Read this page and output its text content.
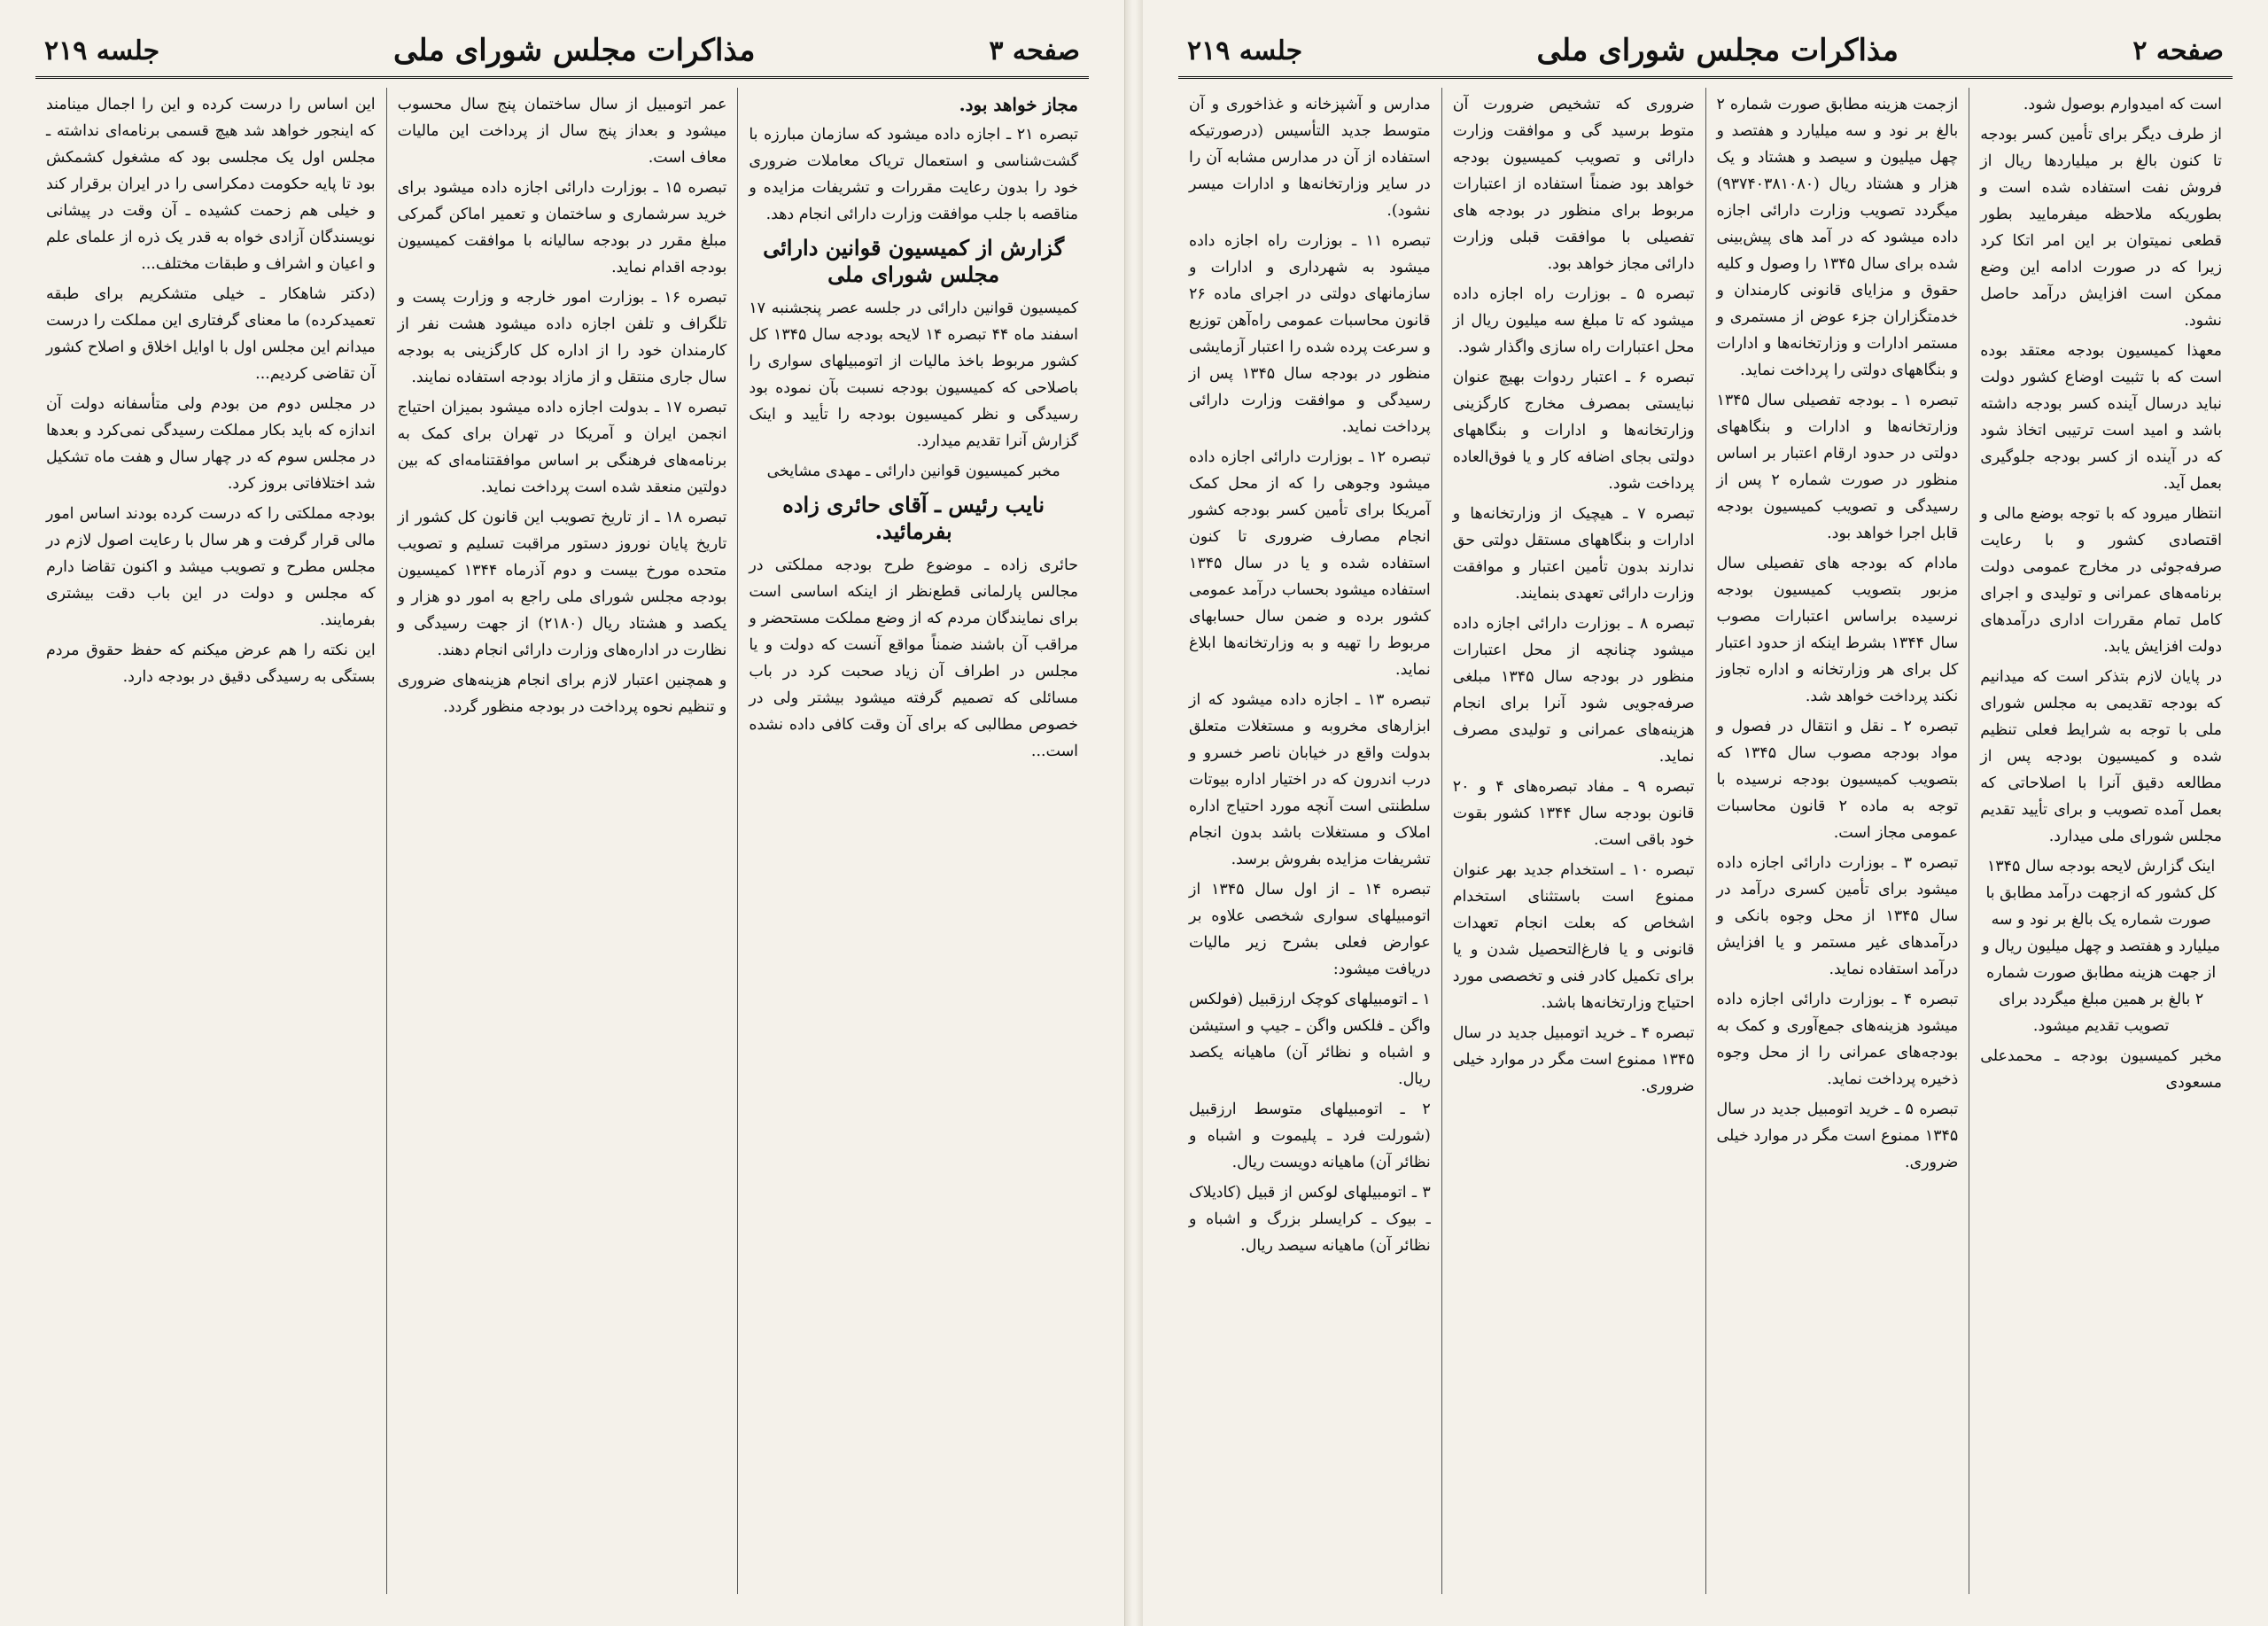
صفحه ۳
مذاکرات مجلس شورای ملی
جلسه ۲۱۹

مجاز خواهد بود.

تبصره ۲۱ ـ اجازه داده میشود که سازمان مبارزه با گشت‌شناسی و استعمال تریاک معاملات ضروری خود را بدون رعایت مقررات و تشریفات مزایده و مناقصه با جلب موافقت وزارت دارائی انجام دهد.

گزارش از کمیسیون قوانین دارائی مجلس شورای ملی

کمیسیون قوانین دارائی در جلسه عصر پنجشنبه ۱۷ اسفند ماه ۴۴ تبصره ۱۴ لایحه بودجه سال ۱۳۴۵ کل کشور مربوط باخذ مالیات از اتومبیلهای سواری را باصلاحی که کمیسیون بودجه نسبت بآن نموده بود رسیدگی و نظر کمیسیون بودجه را تأیید و اینک گزارش آنرا تقدیم میدارد.

مخبر کمیسیون قوانین دارائی ـ مهدی مشایخی

نایب رئیس ـ آقای حائری زاده بفرمائید.

حائری زاده ـ موضوع طرح بودجه مملکتی در مجالس پارلمانی قطع‌نظر از اینکه اساسی است برای نمایندگان مردم که از وضع مملکت مستحضر و مراقب آن باشند ضمناً مواقع آنست که دولت و یا مجلس در اطراف آن زیاد صحبت کرد در باب مسائلی که تصمیم گرفته میشود بیشتر ولی در خصوص مطالبی که برای آن وقت کافی داده نشده است...

عمر اتومبیل از سال ساختمان پنج سال محسوب میشود و بعداز پنج سال از پرداخت این مالیات معاف است.

تبصره ۱۵ ـ بوزارت دارائی اجازه داده میشود برای خرید سرشماری و ساختمان و تعمیر اماکن گمرکی مبلغ مقرر در بودجه سالیانه با موافقت کمیسیون بودجه اقدام نماید.

تبصره ۱۶ ـ بوزارت امور خارجه و وزارت پست و تلگراف و تلفن اجازه داده میشود هشت نفر از کارمندان خود را از اداره کل کارگزینی به بودجه سال جاری منتقل و از مازاد بودجه استفاده نمایند.

تبصره ۱۷ ـ بدولت اجازه داده میشود بمیزان احتیاج انجمن ایران و آمریکا در تهران برای کمک به برنامه‌های فرهنگی بر اساس موافقتنامه‌ای که بین دولتین منعقد شده است پرداخت نماید.

تبصره ۱۸ ـ از تاریخ تصویب این قانون کل کشور از تاریخ پایان نوروز دستور مراقبت تسلیم و تصویب متحده مورخ بیست و دوم آذرماه ۱۳۴۴ کمیسیون بودجه مجلس شورای ملی راجع به امور دو هزار و یکصد و هشتاد ریال (۲۱۸۰) از جهت رسیدگی و نظارت در اداره‌های وزارت دارائی انجام دهند.

و همچنین اعتبار لازم برای انجام هزینه‌های ضروری و تنظیم نحوه پرداخت در بودجه منظور گردد.

این اساس را درست کرده و این را اجمال مینامند که اینجور خواهد شد هیچ قسمی برنامه‌ای نداشته ـ مجلس اول یک مجلسی بود که مشغول کشمکش بود تا پایه حکومت دمکراسی را در ایران برقرار کند و خیلی هم زحمت کشیده ـ آن وقت در پیشانی نویسندگان آزادی خواه به قدر یک ذره از علمای علم و اعیان و اشراف و طبقات مختلف...

(دکتر شاهکار ـ خیلی متشکریم برای طبقه تعمیدکرده) ما معنای گرفتاری این مملکت را درست میدانم این مجلس اول با اوایل اخلاق و اصلاح کشور آن تقاضی کردیم...

در مجلس دوم من بودم ولی متأسفانه دولت آن اندازه که باید بکار مملکت رسیدگی نمی‌کرد و بعدها در مجلس سوم که در چهار سال و هفت ماه تشکیل شد اختلافاتی بروز کرد.

بودجه مملکتی را که درست کرده بودند اساس امور مالی قرار گرفت و هر سال با رعایت اصول لازم در مجلس مطرح و تصویب میشد و اکنون تقاضا دارم که مجلس و دولت در این باب دقت بیشتری بفرمایند.

این نکته را هم عرض میکنم که حفظ حقوق مردم بستگی به رسیدگی دقیق در بودجه دارد.

صفحه ۲
مذاکرات مجلس شورای ملی
جلسه ۲۱۹

است که امیدوارم بوصول شود.

از طرف دیگر برای تأمین کسر بودجه تا کنون بالغ بر میلیاردها ریال از فروش نفت استفاده شده است و بطوریکه ملاحظه میفرمایید بطور قطعی نمیتوان بر این امر اتکا کرد زیرا که در صورت ادامه این وضع ممکن است افزایش درآمد حاصل نشود.

معهذا کمیسیون بودجه معتقد بوده است که با تثبیت اوضاع کشور دولت نباید درسال آینده کسر بودجه داشته باشد و امید است ترتیبی اتخاذ شود که در آینده از کسر بودجه جلوگیری بعمل آید.

انتظار میرود که با توجه بوضع مالی و اقتصادی کشور و با رعایت صرفه‌جوئی در مخارج عمومی دولت برنامه‌های عمرانی و تولیدی و اجرای کامل تمام مقررات اداری درآمدهای دولت افزایش یابد.

در پایان لازم بتذکر است که میدانیم که بودجه تقدیمی به مجلس شورای ملی با توجه به شرایط فعلی تنظیم شده و کمیسیون بودجه پس از مطالعه دقیق آنرا با اصلاحاتی که بعمل آمده تصویب و برای تأیید تقدیم مجلس شورای ملی میدارد.

اینک گزارش لایحه بودجه سال ۱۳۴۵ کل کشور که ازجهت درآمد مطابق با صورت شماره یک بالغ بر نود و سه میلیارد و هفتصد و چهل میلیون ریال و از جهت هزینه مطابق صورت شماره ۲ بالغ بر همین مبلغ میگردد برای تصویب تقدیم میشود.

مخبر کمیسیون بودجه ـ محمدعلی مسعودی

ازجمت هزینه مطابق صورت شماره ۲ بالغ بر نود و سه میلیارد و هفتصد و چهل میلیون و سیصد و هشتاد و یک هزار و هشتاد ریال (۹۳۷۴۰۳۸۱۰۸۰) میگردد تصویب وزارت دارائی اجازه داده میشود که در آمد های پیش‌بینی شده برای سال ۱۳۴۵ را وصول و کلیه حقوق و مزایای قانونی کارمندان و خدمتگزاران جزء عوض از مستمری و مستمر ادارات و وزارتخانه‌ها و ادارات و بنگاههای دولتی را پرداخت نماید.

تبصره ۱ ـ بودجه تفصیلی سال ۱۳۴۵ وزارتخانه‌ها و ادارات و بنگاههای دولتی در حدود ارقام اعتبار بر اساس منظور در صورت شماره ۲ پس از رسیدگی و تصویب کمیسیون بودجه قابل اجرا خواهد بود.

مادام که بودجه های تفصیلی سال مزبور بتصویب کمیسیون بودجه نرسیده براساس اعتبارات مصوب سال ۱۳۴۴ بشرط اینکه از حدود اعتبار کل برای هر وزارتخانه و اداره تجاوز نکند پرداخت خواهد شد.

تبصره ۲ ـ نقل و انتقال در فصول و مواد بودجه مصوب سال ۱۳۴۵ که بتصویب کمیسیون بودجه نرسیده با توجه به ماده ۲ قانون محاسبات عمومی مجاز است.

تبصره ۳ ـ بوزارت دارائی اجازه داده میشود برای تأمین کسری درآمد در سال ۱۳۴۵ از محل وجوه بانکی و درآمدهای غیر مستمر و یا افزایش درآمد استفاده نماید.

تبصره ۴ ـ بوزارت دارائی اجازه داده میشود هزینه‌های جمع‌آوری و کمک به بودجه‌های عمرانی را از محل وجوه ذخیره پرداخت نماید.

تبصره ۵ ـ خرید اتومبیل جدید در سال ۱۳۴۵ ممنوع است مگر در موارد خیلی ضروری.

ضروری که تشخیص ضرورت آن متوط برسید گی و موافقت وزارت دارائی و تصویب کمیسیون بودجه خواهد بود ضمناً استفاده از اعتبارات مربوط برای منظور در بودجه های تفصیلی با موافقت قبلی وزارت دارائی مجاز خواهد بود.

تبصره ۵ ـ بوزارت راه اجازه داده میشود که تا مبلغ سه میلیون ریال از محل اعتبارات راه سازی واگذار شود.

تبصره ۶ ـ اعتبار ردوات بهیچ عنوان نبایستی بمصرف مخارج کارگزینی وزارتخانه‌ها و ادارات و بنگاههای دولتی بجای اضافه کار و یا فوق‌العاده پرداخت شود.

تبصره ۷ ـ هیچیک از وزارتخانه‌ها و ادارات و بنگاههای مستقل دولتی حق ندارند بدون تأمین اعتبار و موافقت وزارت دارائی تعهدی بنمایند.

تبصره ۸ ـ بوزارت دارائی اجازه داده میشود چنانچه از محل اعتبارات منظور در بودجه سال ۱۳۴۵ مبلغی صرفه‌جویی شود آنرا برای انجام هزینه‌های عمرانی و تولیدی مصرف نماید.

تبصره ۹ ـ مفاد تبصره‌های ۴ و ۲۰ قانون بودجه سال ۱۳۴۴ کشور بقوت خود باقی است.

تبصره ۱۰ ـ استخدام جدید بهر عنوان ممنوع است باستثنای استخدام اشخاص که بعلت انجام تعهدات قانونی و یا فارغ‌التحصیل شدن و یا برای تکمیل کادر فنی و تخصصی مورد احتیاج وزارتخانه‌ها باشد.

تبصره ۴ ـ خرید اتومبیل جدید در سال ۱۳۴۵ ممنوع است مگر در موارد خیلی ضروری.

مدارس و آشپزخانه و غذاخوری و آن متوسط جدید التأسیس (درصورتیکه استفاده از آن در مدارس مشابه آن را در سایر وزارتخانه‌ها و ادارات میسر نشود).

تبصره ۱۱ ـ بوزارت راه اجازه داده میشود به شهرداری و ادارات و سازمانهای دولتی در اجرای ماده ۲۶ قانون محاسبات عمومی راه‌آهن توزیع و سرعت پرده شده را اعتبار آزمایشی منظور در بودجه سال ۱۳۴۵ پس از رسیدگی و موافقت وزارت دارائی پرداخت نماید.

تبصره ۱۲ ـ بوزارت دارائی اجازه داده میشود وجوهی را که از محل کمک آمریکا برای تأمین کسر بودجه کشور انجام مصارف ضروری تا کنون استفاده شده و یا در سال ۱۳۴۵ استفاده میشود بحساب درآمد عمومی کشور برده و ضمن سال حسابهای مربوط را تهیه و به وزارتخانه‌ها ابلاغ نماید.

تبصره ۱۳ ـ اجازه داده میشود که از ابزارهای مخروبه و مستغلات متعلق بدولت واقع در خیابان ناصر خسرو و درب اندرون که در اختیار اداره بیوتات سلطنتی است آنچه مورد احتیاج اداره املاک و مستغلات باشد بدون انجام تشریفات مزایده بفروش برسد.

تبصره ۱۴ ـ از اول سال ۱۳۴۵ از اتومبیلهای سواری شخصی علاوه بر عوارض فعلی بشرح زیر مالیات دریافت میشود:

۱ ـ اتومبیلهای کوچک ارزقبیل (فولکس واگن ـ فلکس واگن ـ جیپ و استیشن و اشباه و نظائر آن) ماهیانه یکصد ریال.

۲ ـ اتومبیلهای متوسط ارزقبیل (شورلت فرد ـ پلیموت و اشباه و نظائر آن) ماهیانه دویست ریال.

۳ ـ اتومبیلهای لوکس از قبیل (کادیلاک ـ بیوک ـ کرایسلر بزرگ و اشباه و نظائر آن) ماهیانه سیصد ریال.
